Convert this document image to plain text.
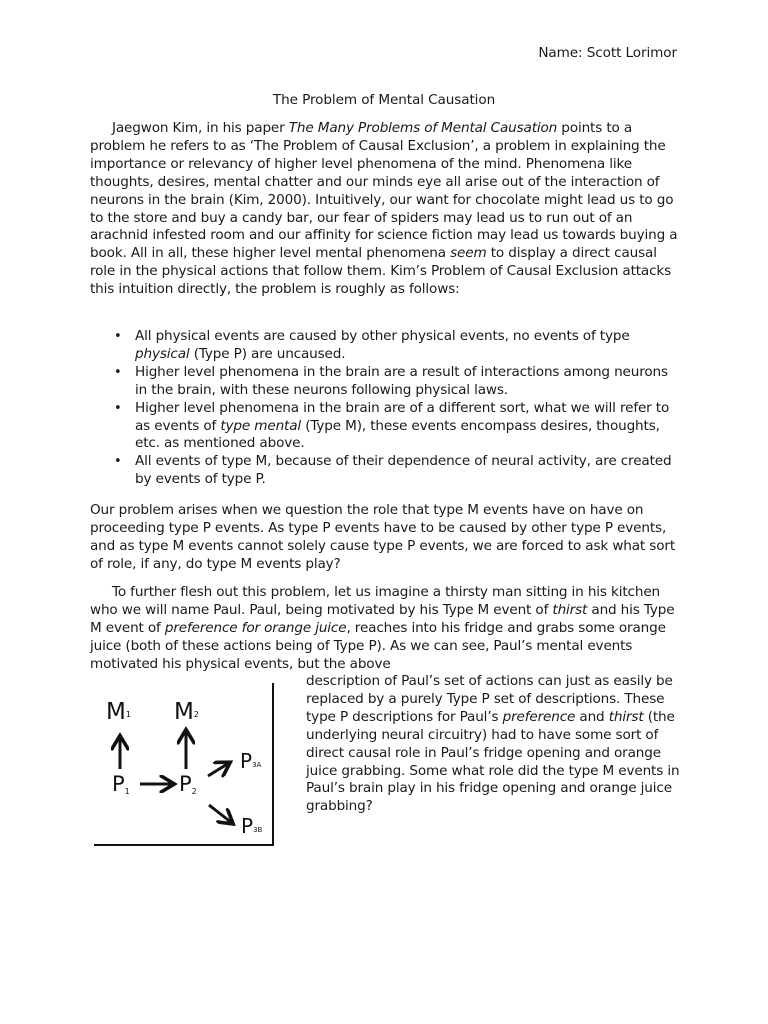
Name: Scott Lorimor
The Problem of Mental Causation
Jaegwon Kim, in his paper The Many Problems of Mental Causation points to a problem he refers to as ‘The Problem of Causal Exclusion’, a problem in explaining the importance or relevancy of higher level phenomena of the mind. Phenomena like thoughts, desires, mental chatter and our minds eye all arise out of the interaction of neurons in the brain (Kim, 2000). Intuitively, our want for chocolate might lead us to go to the store and buy a candy bar, our fear of spiders may lead us to run out of an arachnid infested room and our affinity for science fiction may lead us towards buying a book. All in all, these higher level mental phenomena seem to display a direct causal role in the physical actions that follow them. Kim’s Problem of Causal Exclusion attacks this intuition directly, the problem is roughly as follows:
• All physical events are caused by other physical events, no events of type physical (Type P) are uncaused.
• Higher level phenomena in the brain are a result of interactions among neurons in the brain, with these neurons following physical laws.
• Higher level phenomena in the brain are of a different sort, what we will refer to as events of type mental (Type M), these events encompass desires, thoughts, etc. as mentioned above.
• All events of type M, because of their dependence of neural activity, are created by events of type P.
Our problem arises when we question the role that type M events have on have on proceeding type P events. As type P events have to be caused by other type P events, and as type M events cannot solely cause type P events, we are forced to ask what sort of role, if any, do type M events play?
To further flesh out this problem, let us imagine a thirsty man sitting in his kitchen who we will name Paul. Paul, being motivated by his Type M event of thirst and his Type M event of preference for orange juice, reaches into his fridge and grabs some orange juice (both of these actions being of Type P). As we can see, Paul’s mental events motivated his physical events, but the above
M1 M2
P1 P2
P3A
P3B
description of Paul’s set of actions can just as easily be replaced by a purely Type P set of descriptions. These type P descriptions for Paul’s preference and thirst (the underlying neural circuitry) had to have some sort of direct causal role in Paul’s fridge opening and orange juice grabbing. Some what role did the type M events in Paul’s brain play in his fridge opening and orange juice grabbing?
